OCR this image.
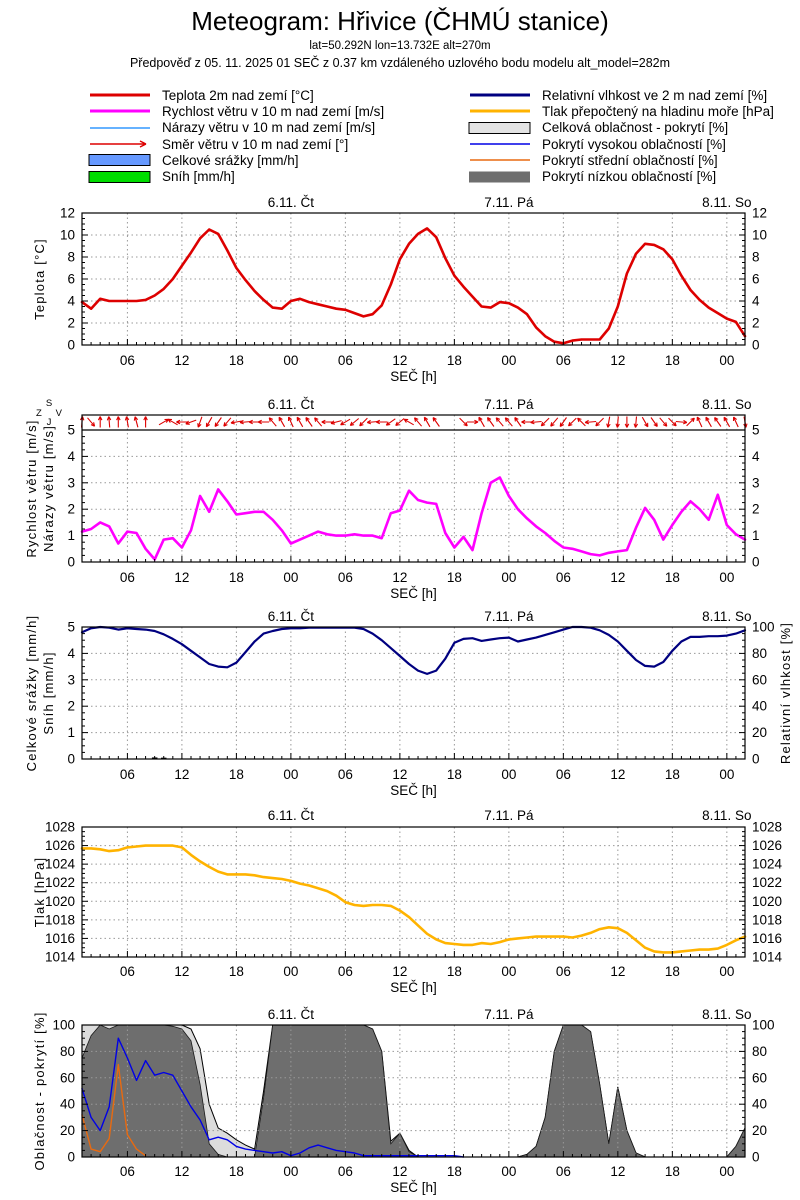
Meteogram: Hřivice (ČHMÚ stanice)
lat=50.292N lon=13.732E alt=270m
Předpověď z 05. 11. 2025 01 SEČ z 0.37 km vzdáleného uzlového bodu modelu alt_model=282m
Teplota 2m nad zemí [°C]
Rychlost větru v 10 m nad zemí [m/s]
Nárazy větru v 10 m nad zemí [m/s]
Směr větru v 10 m nad zemí [°]
Celkové srážky [mm/h]
Sníh [mm/h]
Relativní vlhkost ve 2 m nad zemí [%]
Tlak přepočtený na hladinu moře [hPa]
Celková oblačnost - pokrytí [%]
Pokrytí vysokou oblačností [%]
Pokrytí střední oblačností [%]
Pokrytí nízkou oblačností [%]
S
Z V
J
0
2
4
6
8
10
12
0
2
4
6
8
10
12
06	12	18	00	06	12	18	00	06	12	18	00
6.11. Čt	7.11. Pá	8.11. So
SEČ [h]
Teplota [°C]
0
1
2
3
4
5
0
1
2
3
4
5
06	12	18	00	06	12	18	00	06	12	18	00
6.11. Čt	7.11. Pá	8.11. So
SEČ [h]
Rychlost větru [m/s] Nárazy větru [m/s]
0
1
2
3
4
5
0
20
40
60
80
100
06	12	18	00	06	12	18	00	06	12	18	00
6.11. Čt	7.11. Pá	8.11. So
SEČ [h]
Celkové srážky [mm/h] Sníh [mm/h]	Relativní vlhkost [%]
1014
1016
1018
1020
1022
1024
1026
1028
1014
1016
1018
1020
1022
1024
1026
1028
06	12	18	00	06	12	18	00	06	12	18	00
6.11. Čt	7.11. Pá	8.11. So
SEČ [h]
Tlak [hPa]
0
20
40
60
80
100
0
20
40
60
80
100
06	12	18	00	06	12	18	00	06	12	18	00
6.11. Čt	7.11. Pá	8.11. So
SEČ [h]
Oblačnost - pokrytí [%]
